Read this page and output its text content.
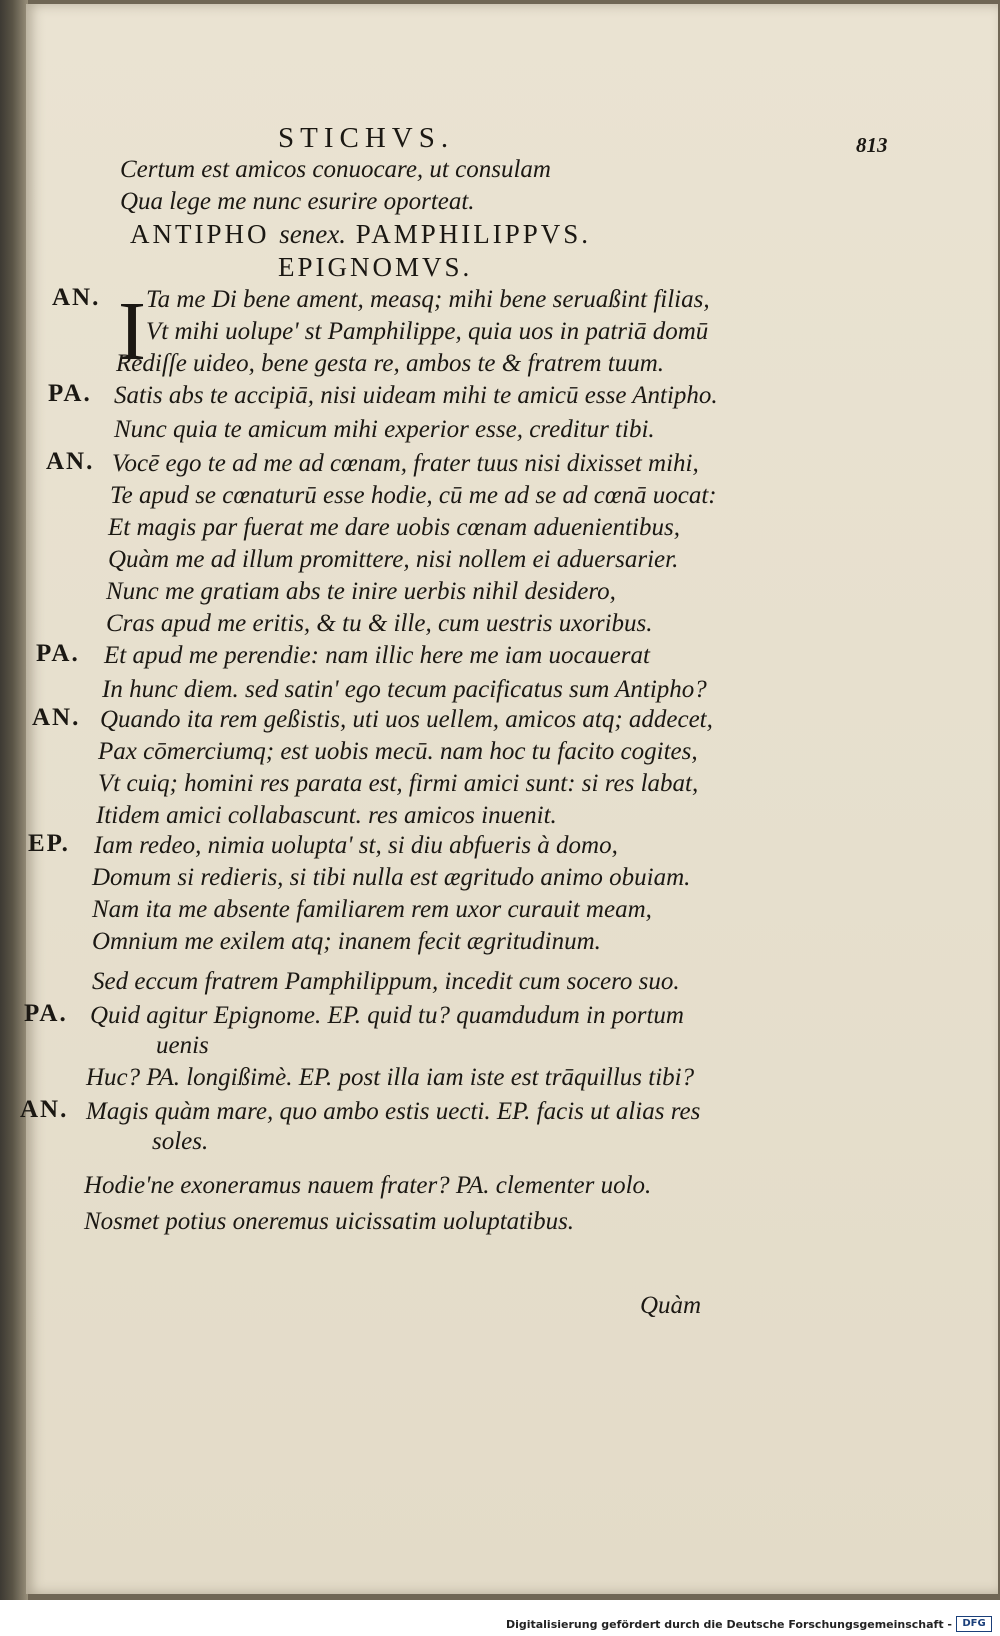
STICHVS.	813
Certum est amicos conuocare, ut consulam
Qua lege me nunc esurire oporteat.
ANTIPHO senex. PAMPHILIPPVS.
EPIGNOMVS.
I
AN.
PA.
AN.
PA.
AN.
EP.
PA.
AN.
Ta me Di bene ament, measq; mihi bene seruaßint filias,
Vt mihi uolupe' st Pamphilippe, quia uos in patriā domū
Rediſſe uideo, bene gesta re, ambos te & fratrem tuum.
Satis abs te accipiā, nisi uideam mihi te amicū esse Antipho.
Nunc quia te amicum mihi experior esse, creditur tibi.
Vocē ego te ad me ad cœnam, frater tuus nisi dixisset mihi,
Te apud se cœnaturū esse hodie, cū me ad se ad cœnā uocat:
Et magis par fuerat me dare uobis cœnam aduenientibus,
Quàm me ad illum promittere, nisi nollem ei aduersarier.
Nunc me gratiam abs te inire uerbis nihil desidero,
Cras apud me eritis, & tu & ille, cum uestris uxoribus.
Et apud me perendie: nam illic here me iam uocauerat
In hunc diem. sed satin' ego tecum pacificatus sum Antipho?
Quando ita rem geßistis, uti uos uellem, amicos atq; addecet,
Pax cōmerciumq; est uobis mecū. nam hoc tu facito cogites,
Vt cuiq; homini res parata est, firmi amici sunt: si res labat,
Itidem amici collabascunt. res amicos inuenit.
Iam redeo, nimia uolupta' st, si diu abfueris à domo,
Domum si redieris, si tibi nulla est ægritudo animo obuiam.
Nam ita me absente familiarem rem uxor curauit meam,
Omnium me exilem atq; inanem fecit ægritudinum.
Sed eccum fratrem Pamphilippum, incedit cum socero suo.
Quid agitur Epignome. EP. quid tu? quamdudum in portum
uenis
Huc? PA. longißimè. EP. post illa iam iste est trāquillus tibi?
Magis quàm mare, quo ambo estis uecti. EP. facis ut alias res
soles.
Hodie'ne exoneramus nauem frater? PA. clementer uolo.
Nosmet potius oneremus uicissatim uoluptatibus.
Quàm
Digitalisierung gefördert durch die Deutsche Forschungsgemeinschaft -	DFG
